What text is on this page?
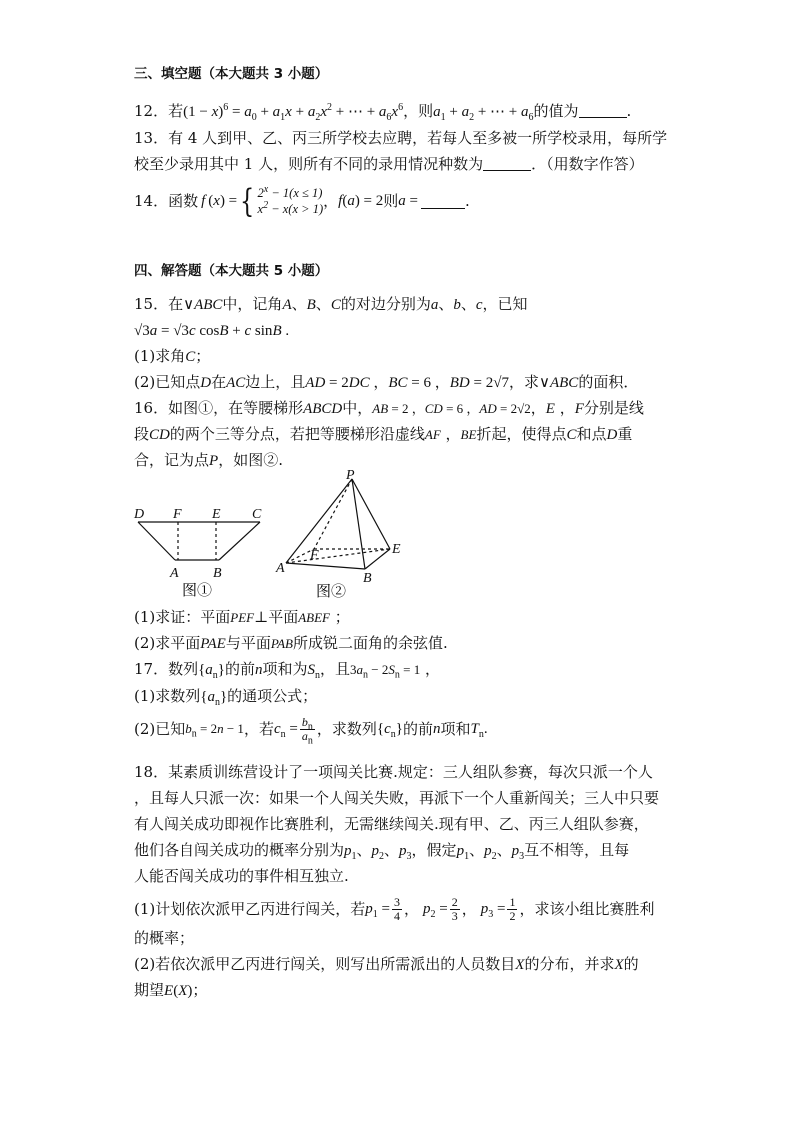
三、填空题（本大题共 3 小题）
12．若$(1 - x)^6 = a_0 + a_1x + a_2x^2$ + ⋯ + $a_6x^6$，则$a_1 + a_2$ + ⋯ + $a_6$的值为	.
13．有 4 人到甲、乙、丙三所学校去应聘，若每人至多被一所学校录用，每所学
校至少录用其中 1 人，则所有不同的录用情况种数为	．（用数字作答）
14．函数 f (x) = { $2^x - 1(x \le 1)$
$x^2 - x(x > 1)$ ， f(a) = 2 则 a =	.
四、解答题（本大题共 5 小题）
15．在∨ABC中，记角A、B、C的对边分别为a、b、c，已知
√3a = √3c cosB + c sinB .
(1)求角C；
(2)已知点D在AC边上，且AD = 2DC ，BC = 6 ，BD = 2√7，求∨ABC的面积．
16．如图①，在等腰梯形ABCD中，AB = 2 ，CD = 6 ，AD = 2√2，E ，F分别是线
段CD的两个三等分点，若把等腰梯形沿虚线AF ，BE折起，使得点C和点D重
合，记为点P，如图②.
D F E C
A B
图①
P
F	E
A
B
图②
(1)求证：平面PEF⊥平面ABEF ；
(2)求平面PAE与平面PAB所成锐二面角的余弦值.
17．数列$\{a_n\}$的前n项和为$S_n$，且$3a_n - 2S_n = 1$ ，
(1)求数列$\{a_n\}$的通项公式；
(2)已知 $b_n = 2n - 1$ ，若 $c_n = \frac{b_n}{a_n}$ ，求数列 $\{c_n\}$ 的前 n 项和 $T_n$.
18．某素质训练营设计了一项闯关比赛.规定：三人组队参赛，每次只派一个人
，且每人只派一次：如果一个人闯关失败，再派下一个人重新闯关；三人中只要
有人闯关成功即视作比赛胜利，无需继续闯关.现有甲、乙、丙三人组队参赛，
他们各自闯关成功的概率分别为$p_1$、$p_2$、$p_3$，假定$p_1$、$p_2$、$p_3$互不相等，且每
人能否闯关成功的事件相互独立.
(1)计划依次派甲乙丙进行闯关，若 $p_1 = \frac{3}{4}$ ， $p_2 = \frac{2}{3}$ ， $p_3 = \frac{1}{2}$ ，求该小组比赛胜利
的概率；
(2)若依次派甲乙丙进行闯关，则写出所需派出的人员数目X的分布，并求X的
期望E(X)；
